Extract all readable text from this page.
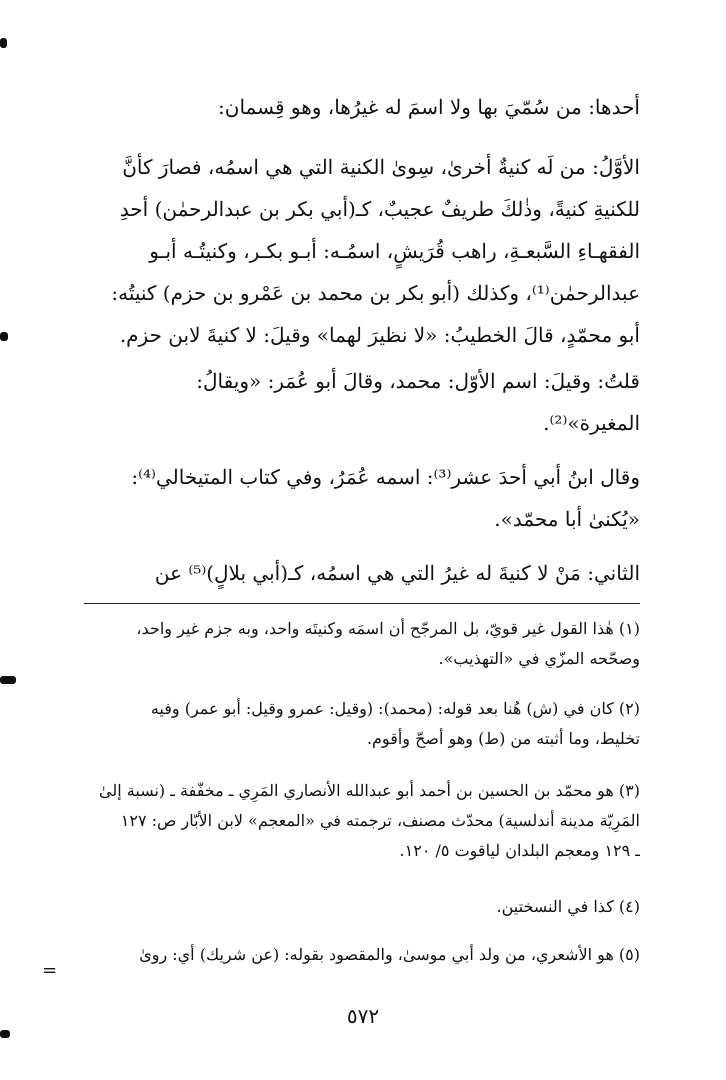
أحدها: من سُمّيَ بها ولا اسمَ له غيرُها، وهو قِسمان:

الأوَّلُ: من لَه كنيةٌ أخرىٰ، سِوىٰ الكنية التي هي اسمُه، فصارَ كأنَّ
للكنيةِ كنيةً، وذٰلكَ طريفٌ عجيبٌ، كـ(أبي بكر بن عبدالرحمٰن) أحدِ
الفقهـاءِ السَّبعـةِ، راهب قُرَيشٍ، اسمُـه: أبـو بكـر، وكنيتُـه أبـو
عبدالرحمٰن⁽¹⁾، وكذلك (أبو بكر بن محمد بن عَمْرو بن حزم) كنيتُه:
أبو محمّدٍ، قالَ الخطيبُ: «لا نظيرَ لهما» وقيلَ: لا كنيةَ لابن حزم.

قلتُ: وقيلَ: اسم الأوّل: محمد، وقالَ أبو عُمَر: «ويقالُ:
المغيرة»⁽²⁾.

وقال ابنُ أبي أحدَ عشر⁽³⁾: اسمه عُمَرُ، وفي كتاب المتيخالي⁽⁴⁾:
«يُكنىٰ أبا محمّد».

الثاني: مَنْ لا كنيةَ له غيرُ التي هي اسمُه، كـ(أبي بلالٍ)⁽⁵⁾ عن

(١) هٰذا القول غير قويّ، بل المرجّح أن اسمَه وكنيتَه واحد، وبه جزم غير واحد،
وصحّحه المزّي في «التهذيب».
(٢) كان في (ش) هُنا بعد قوله: (محمد): (وقيل: عمرو وقيل: أبو عمر) وفيه
تخليط، وما أثبته من (ط) وهو أصحّ وأقوم.
(٣) هو محمّد بن الحسين بن أحمد أبو عبدالله الأنصاري المَرِي ـ مخفّفة ـ (نسبة إلىٰ
المَرِيّة مدينة أندلسية) محدّث مصنف، ترجمته في «المعجم» لابن الأبّار ص: ١٢٧
ـ ١٢٩ ومعجم البلدان لياقوت ٥/ ١٢٠.
(٤) كذا في النسختين.
(٥) هو الأشعري، من ولد أبي موسىٰ، والمقصود بقوله: (عن شريك) أي: روىٰ
=
٥٧٢
